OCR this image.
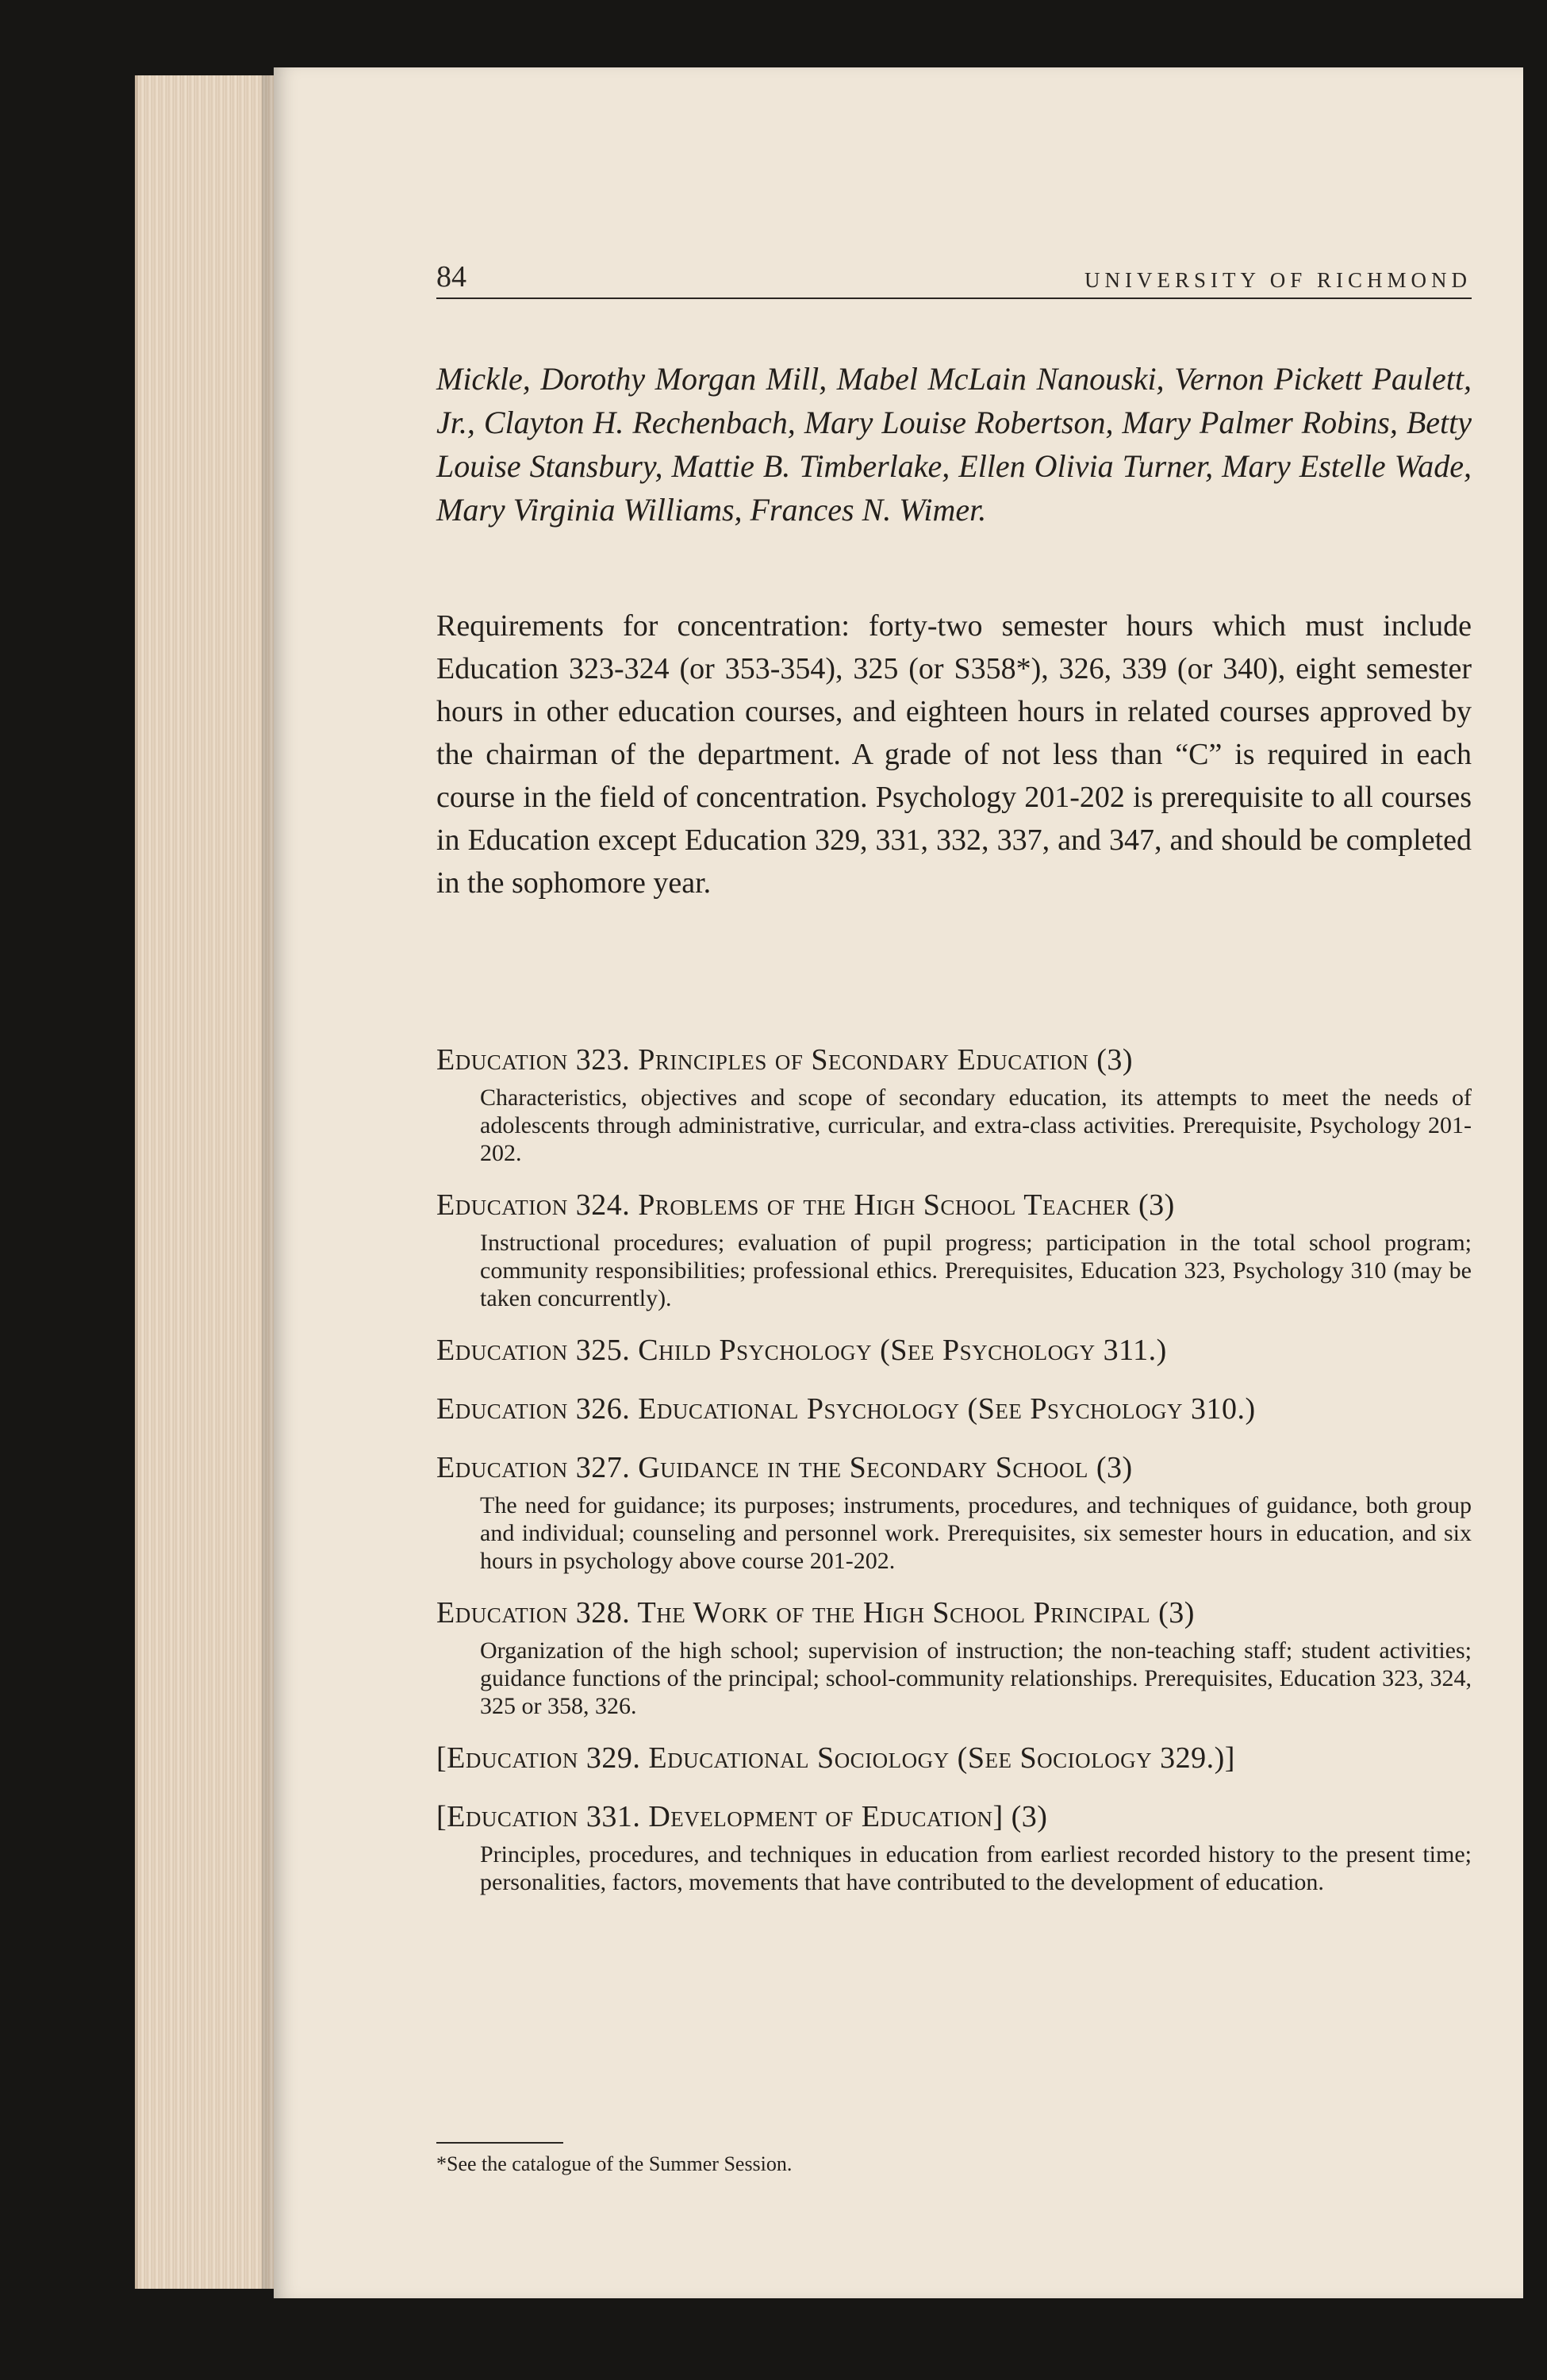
84	UNIVERSITY OF RICHMOND

Mickle, Dorothy Morgan Mill, Mabel McLain Nanouski, Vernon Pickett Paulett, Jr., Clayton H. Rechenbach, Mary Louise Robertson, Mary Palmer Robins, Betty Louise Stansbury, Mattie B. Timberlake, Ellen Olivia Turner, Mary Estelle Wade, Mary Virginia Williams, Frances N. Wimer.

Requirements for concentration: forty-two semester hours which must include Education 323-324 (or 353-354), 325 (or S358*), 326, 339 (or 340), eight semester hours in other education courses, and eighteen hours in related courses approved by the chairman of the department. A grade of not less than “C” is required in each course in the field of concentration. Psychology 201-202 is prerequisite to all courses in Education except Education 329, 331, 332, 337, and 347, and should be completed in the sophomore year.

Education 323. Principles of Secondary Education (3)
Characteristics, objectives and scope of secondary education, its attempts to meet the needs of adolescents through administrative, curricular, and extra-class activities. Prerequisite, Psychology 201-202.
Education 324. Problems of the High School Teacher (3)
Instructional procedures; evaluation of pupil progress; participation in the total school program; community responsibilities; professional ethics. Prerequisites, Education 323, Psychology 310 (may be taken concurrently).
Education 325. Child Psychology (See Psychology 311.)
Education 326. Educational Psychology (See Psychology 310.)
Education 327. Guidance in the Secondary School (3)
The need for guidance; its purposes; instruments, procedures, and techniques of guidance, both group and individual; counseling and personnel work. Prerequisites, six semester hours in education, and six hours in psychology above course 201-202.
Education 328. The Work of the High School Principal (3)
Organization of the high school; supervision of instruction; the non-teaching staff; student activities; guidance functions of the principal; school-community relationships. Prerequisites, Education 323, 324, 325 or 358, 326.
[Education 329. Educational Sociology (See Sociology 329.)]
[Education 331. Development of Education] (3)
Principles, procedures, and techniques in education from earliest recorded history to the present time; personalities, factors, movements that have contributed to the development of education.
*See the catalogue of the Summer Session.
